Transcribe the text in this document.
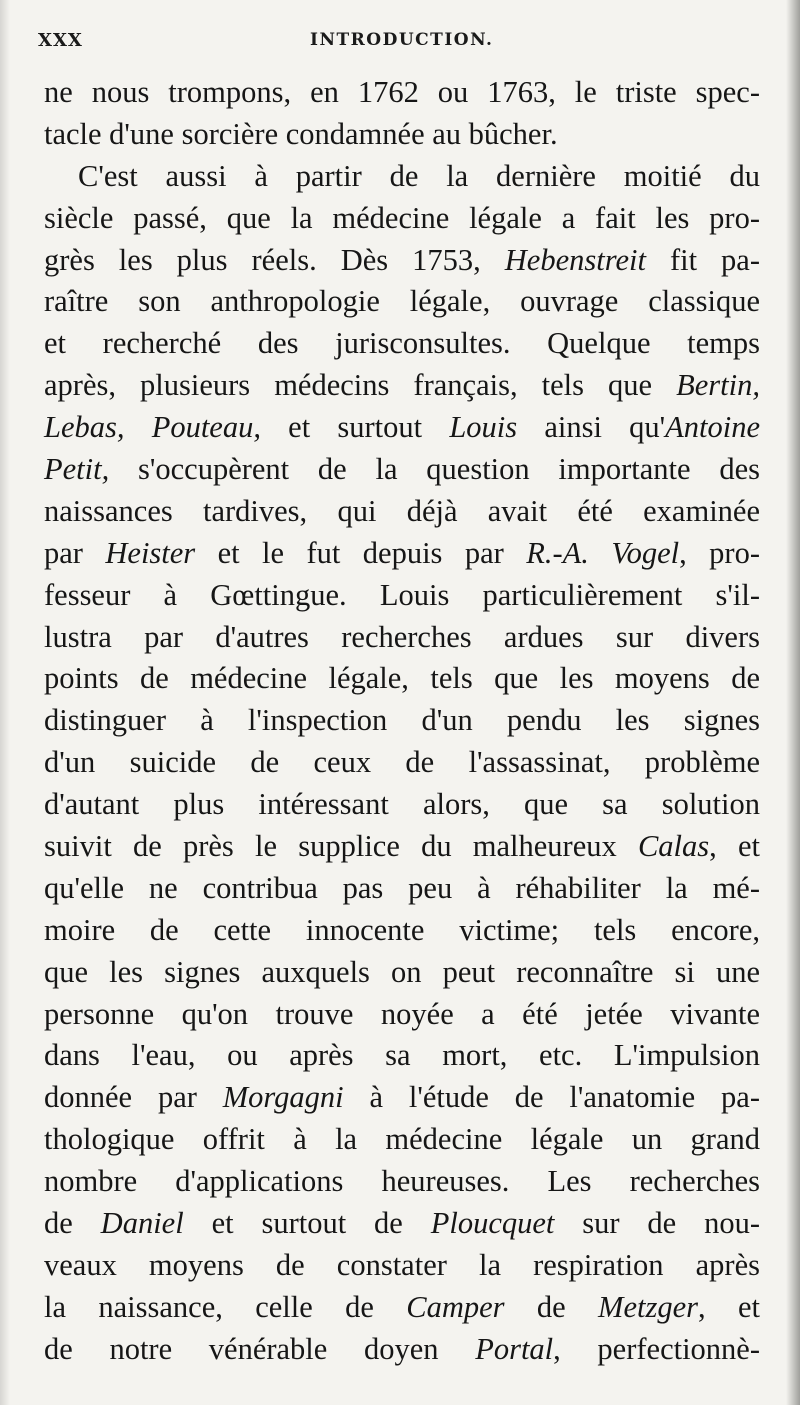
XXX	INTRODUCTION.
ne nous trompons, en 1762 ou 1763, le triste spec-
tacle d'une sorcière condamnée au bûcher.
C'est aussi à partir de la dernière moitié du
siècle passé, que la médecine légale a fait les pro-
grès les plus réels. Dès 1753, Hebenstreit fit pa-
raître son anthropologie légale, ouvrage classique
et recherché des jurisconsultes. Quelque temps
après, plusieurs médecins français, tels que Bertin,
Lebas, Pouteau, et surtout Louis ainsi qu'Antoine
Petit, s'occupèrent de la question importante des
naissances tardives, qui déjà avait été examinée
par Heister et le fut depuis par R.-A. Vogel, pro-
fesseur à Gœttingue. Louis particulièrement s'il-
lustra par d'autres recherches ardues sur divers
points de médecine légale, tels que les moyens de
distinguer à l'inspection d'un pendu les signes
d'un suicide de ceux de l'assassinat, problème
d'autant plus intéressant alors, que sa solution
suivit de près le supplice du malheureux Calas, et
qu'elle ne contribua pas peu à réhabiliter la mé-
moire de cette innocente victime; tels encore,
que les signes auxquels on peut reconnaître si une
personne qu'on trouve noyée a été jetée vivante
dans l'eau, ou après sa mort, etc. L'impulsion
donnée par Morgagni à l'étude de l'anatomie pa-
thologique offrit à la médecine légale un grand
nombre d'applications heureuses. Les recherches
de Daniel et surtout de Ploucquet sur de nou-
veaux moyens de constater la respiration après
la naissance, celle de Camper de Metzger, et
de notre vénérable doyen Portal, perfectionnè-
